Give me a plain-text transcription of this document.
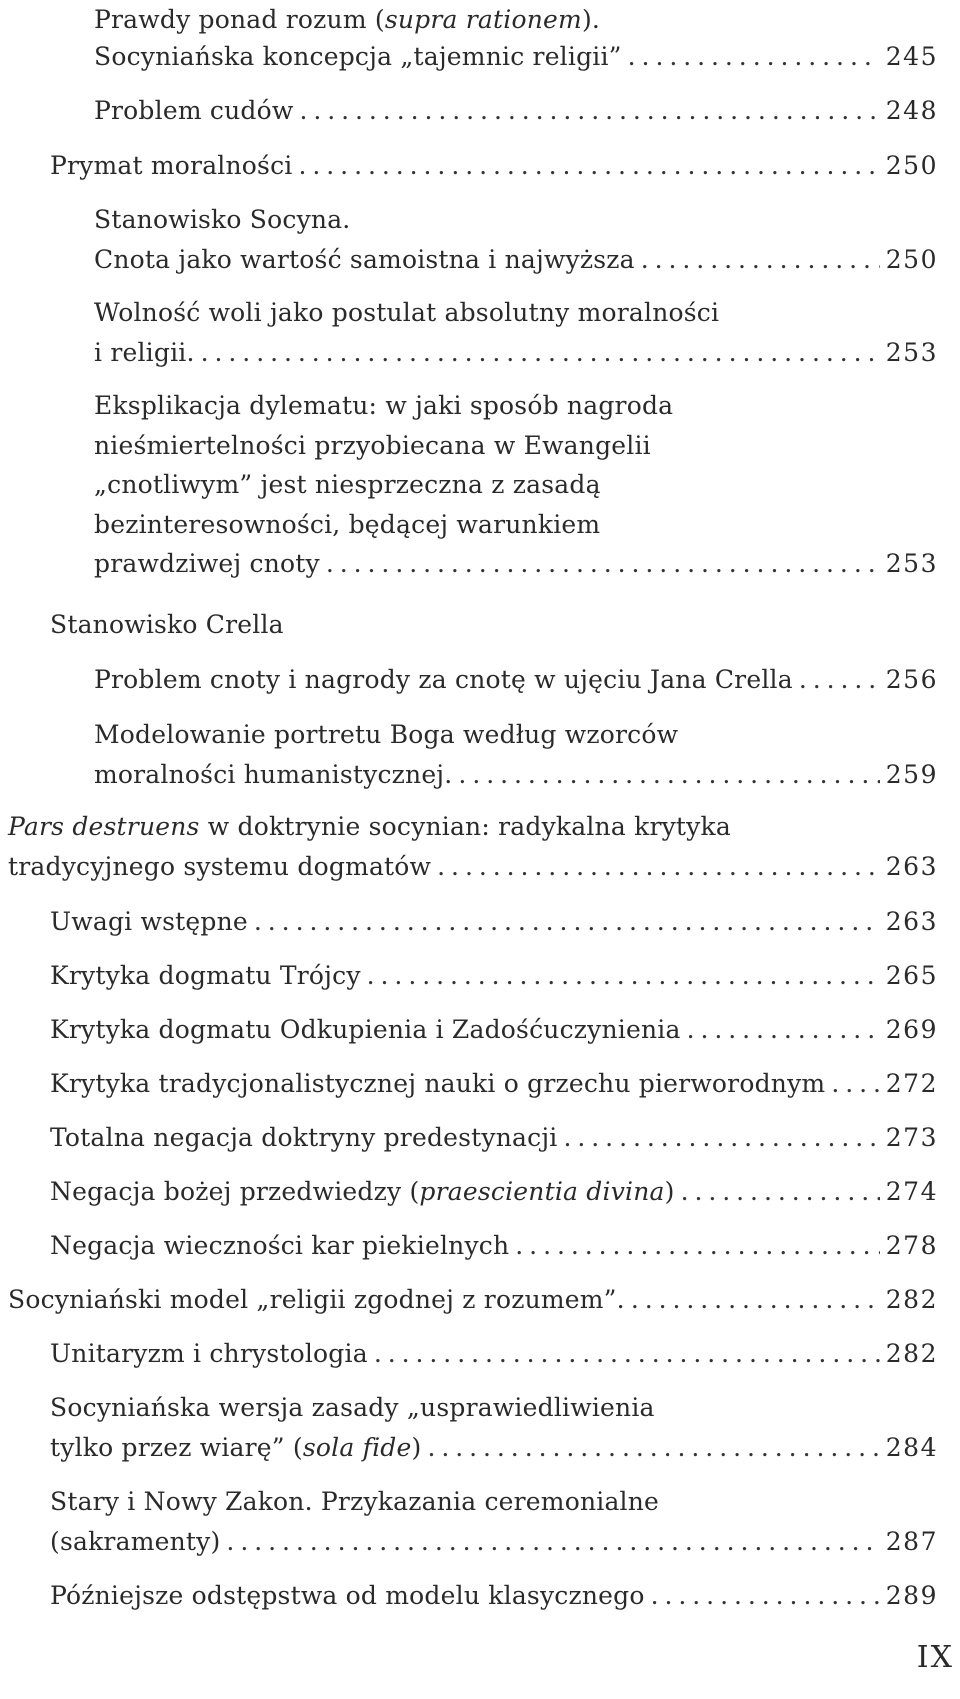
Prawdy ponad rozum (supra rationem).
Socyniańska koncepcja „tajemnic religii” . . .	245
Problem cudów . . .	248
Prymat moralności . . .	250
Stanowisko Socyna.
Cnota jako wartość samoistna i najwyższa . . .	250
Wolność woli jako postulat absolutny moralności
i religii. . . .	253
Eksplikacja dylematu: w jaki sposób nagroda
nieśmiertelności przyobiecana w Ewangelii
„cnotliwym” jest niesprzeczna z zasadą
bezinteresowności, będącej warunkiem
prawdziwej cnoty . . .	253
Stanowisko Crella
Problem cnoty i nagrody za cnotę w ujęciu Jana Crella . . .	256
Modelowanie portretu Boga według wzorców
moralności humanistycznej. . . .	259
Pars destruens w doktrynie socynian: radykalna krytyka
tradycyjnego systemu dogmatów . . .	263
Uwagi wstępne . . .	263
Krytyka dogmatu Trójcy . . .	265
Krytyka dogmatu Odkupienia i Zadośćuczynienia . . .	269
Krytyka tradycjonalistycznej nauki o grzechu pierworodnym . . . 272
Totalna negacja doktryny predestynacji . . .	273
Negacja bożej przedwiedzy (praescientia divina) . . .	274
Negacja wieczności kar piekielnych . . .	278
Socyniański model „religii zgodnej z rozumem”. . . .	282
Unitaryzm i chrystologia . . .	282
Socyniańska wersja zasady „usprawiedliwienia
tylko przez wiarę” (sola fide) . . .	284
Stary i Nowy Zakon. Przykazania ceremonialne
(sakramenty) . . .	287
Późniejsze odstępstwa od modelu klasycznego . . .	289
IX
